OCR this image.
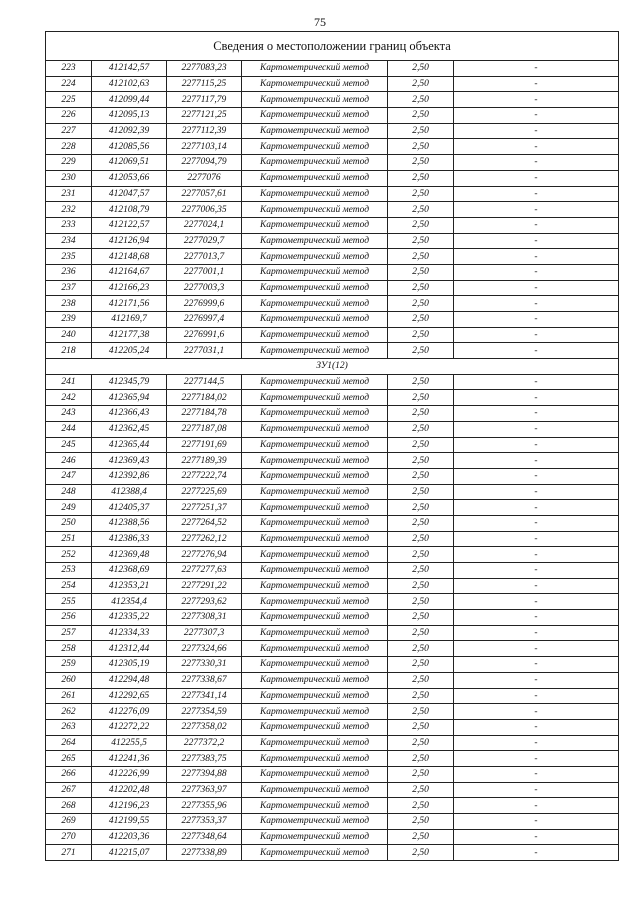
75
Сведения о местоположении границ объекта					
223	412142,57	2277083,23	Картометрический метод	2,50	-
224	412102,63	2277115,25	Картометрический метод	2,50	-
225	412099,44	2277117,79	Картометрический метод	2,50	-
226	412095,13	2277121,25	Картометрический метод	2,50	-
227	412092,39	2277112,39	Картометрический метод	2,50	-
228	412085,56	2277103,14	Картометрический метод	2,50	-
229	412069,51	2277094,79	Картометрический метод	2,50	-
230	412053,66	2277076	Картометрический метод	2,50	-
231	412047,57	2277057,61	Картометрический метод	2,50	-
232	412108,79	2277006,35	Картометрический метод	2,50	-
233	412122,57	2277024,1	Картометрический метод	2,50	-
234	412126,94	2277029,7	Картометрический метод	2,50	-
235	412148,68	2277013,7	Картометрический метод	2,50	-
236	412164,67	2277001,1	Картометрический метод	2,50	-
237	412166,23	2277003,3	Картометрический метод	2,50	-
238	412171,56	2276999,6	Картометрический метод	2,50	-
239	412169,7	2276997,4	Картометрический метод	2,50	-
240	412177,38	2276991,6	Картометрический метод	2,50	-
218	412205,24	2277031,1	Картометрический метод	2,50	-
ЗУ1(12)					
241	412345,79	2277144,5	Картометрический метод	2,50	-
242	412365,94	2277184,02	Картометрический метод	2,50	-
243	412366,43	2277184,78	Картометрический метод	2,50	-
244	412362,45	2277187,08	Картометрический метод	2,50	-
245	412365,44	2277191,69	Картометрический метод	2,50	-
246	412369,43	2277189,39	Картометрический метод	2,50	-
247	412392,86	2277222,74	Картометрический метод	2,50	-
248	412388,4	2277225,69	Картометрический метод	2,50	-
249	412405,37	2277251,37	Картометрический метод	2,50	-
250	412388,56	2277264,52	Картометрический метод	2,50	-
251	412386,33	2277262,12	Картометрический метод	2,50	-
252	412369,48	2277276,94	Картометрический метод	2,50	-
253	412368,69	2277277,63	Картометрический метод	2,50	-
254	412353,21	2277291,22	Картометрический метод	2,50	-
255	412354,4	2277293,62	Картометрический метод	2,50	-
256	412335,22	2277308,31	Картометрический метод	2,50	-
257	412334,33	2277307,3	Картометрический метод	2,50	-
258	412312,44	2277324,66	Картометрический метод	2,50	-
259	412305,19	2277330,31	Картометрический метод	2,50	-
260	412294,48	2277338,67	Картометрический метод	2,50	-
261	412292,65	2277341,14	Картометрический метод	2,50	-
262	412276,09	2277354,59	Картометрический метод	2,50	-
263	412272,22	2277358,02	Картометрический метод	2,50	-
264	412255,5	2277372,2	Картометрический метод	2,50	-
265	412241,36	2277383,75	Картометрический метод	2,50	-
266	412226,99	2277394,88	Картометрический метод	2,50	-
267	412202,48	2277363,97	Картометрический метод	2,50	-
268	412196,23	2277355,96	Картометрический метод	2,50	-
269	412199,55	2277353,37	Картометрический метод	2,50	-
270	412203,36	2277348,64	Картометрический метод	2,50	-
271	412215,07	2277338,89	Картометрический метод	2,50	-
